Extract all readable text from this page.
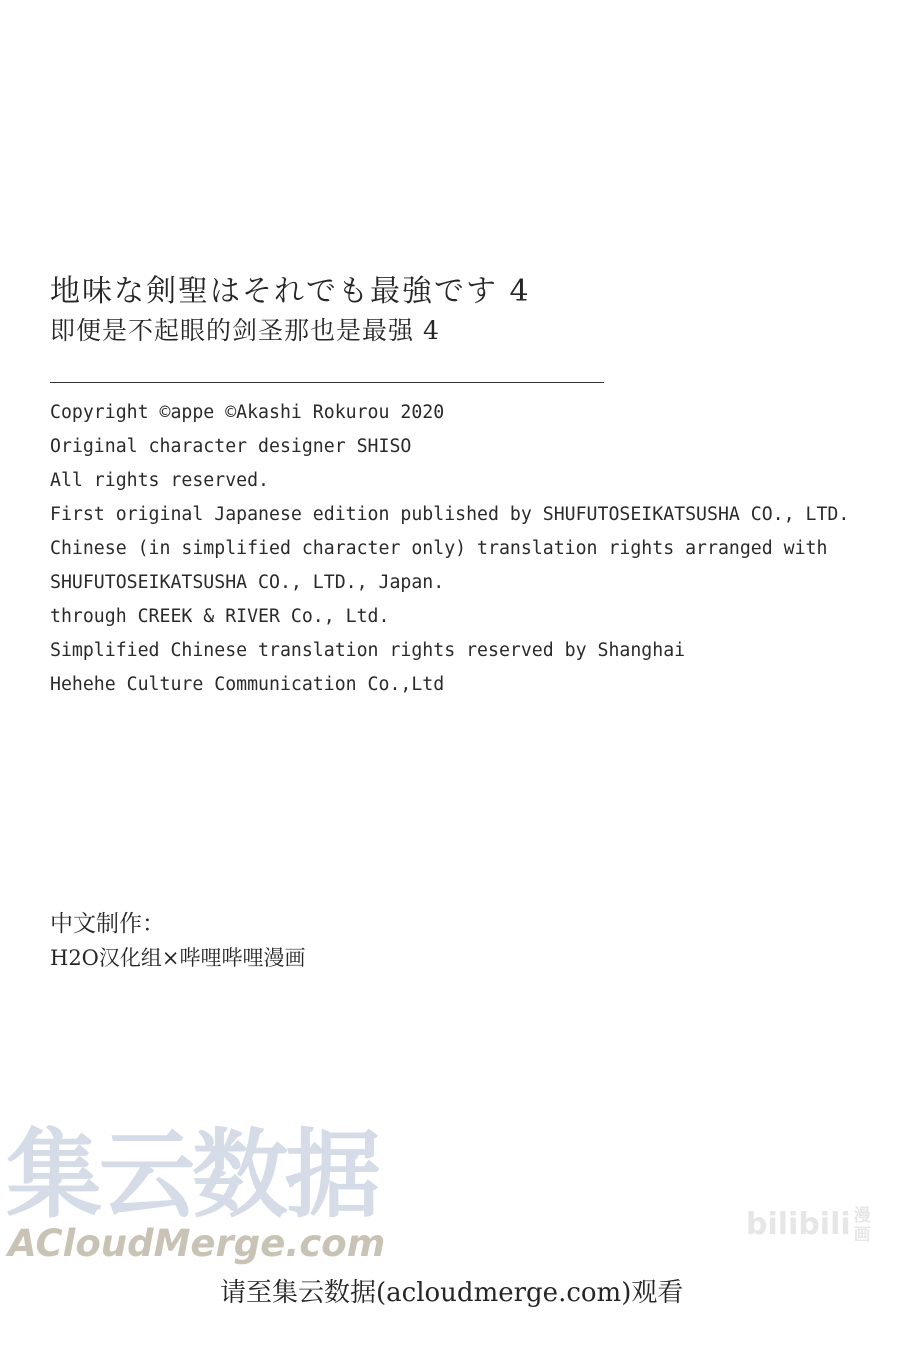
地味な剣聖はそれでも最強です 4
即便是不起眼的剑圣那也是最强 4
Copyright ©appe ©Akashi Rokurou 2020
Original character designer SHISO
All rights reserved.
First original Japanese edition published by SHUFUTOSEIKATSUSHA CO., LTD.
Chinese (in simplified character only) translation rights arranged with
SHUFUTOSEIKATSUSHA CO., LTD., Japan.
through CREEK & RIVER Co., Ltd.
Simplified Chinese translation rights reserved by Shanghai
Hehehe Culture Communication Co.,Ltd
中文制作：
H2O汉化组×哔哩哔哩漫画
集云数据
ACloudMerge.com	bilibili 漫画
请至集云数据(acloudmerge.com)观看
